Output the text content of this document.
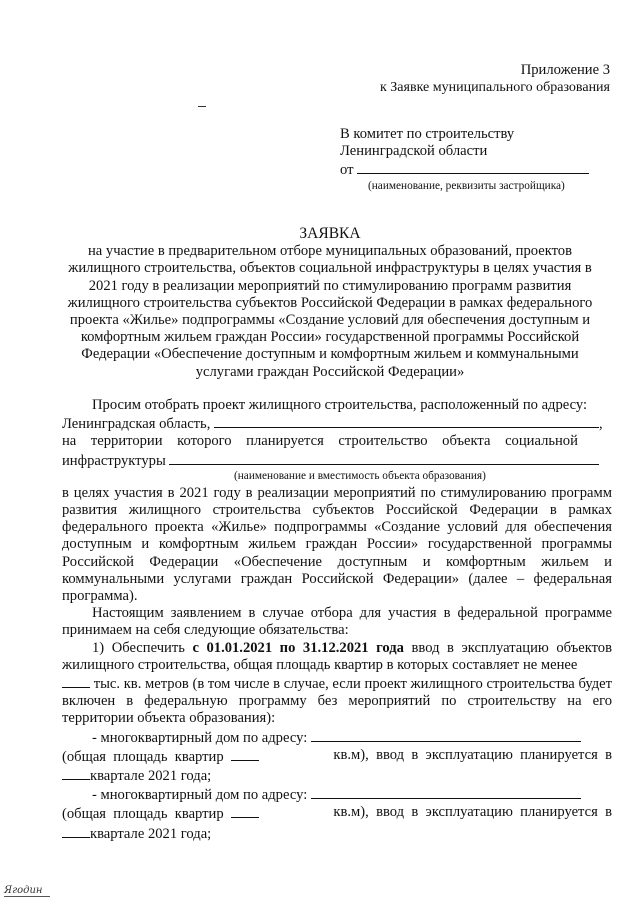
Приложение 3
к Заявке муниципального образования
В комитет по строительству
Ленинградской области
от
(наименование, реквизиты застройщика)
ЗАЯВКА
на участие в предварительном отборе муниципальных образований, проектов
жилищного строительства, объектов социальной инфраструктуры в целях участия в
2021 году в реализации мероприятий по стимулированию программ развития
жилищного строительства субъектов Российской Федерации в рамках федерального
проекта «Жилье» подпрограммы «Создание условий для обеспечения доступным и
комфортным жильем граждан России» государственной программы Российской
Федерации «Обеспечение доступным и комфортным жильем и коммунальными
услугами граждан Российской Федерации»
Просим отобрать проект жилищного строительства, расположенный по адресу:
Ленинградская область,	,
на    территории    которого    планируется    строительство    объекта    социальной
инфраструктуры
(наименование и вместимость объекта образования)

в целях участия в 2021 году в реализации мероприятий по стимулированию программ развития жилищного строительства субъектов Российской Федерации в рамках федерального проекта «Жилье» подпрограммы «Создание условий для обеспечения доступным и комфортным жильем граждан России» государственной программы Российской Федерации «Обеспечение доступным и комфортным жильем и коммунальными услугами граждан Российской Федерации» (далее – федеральная программа).

Настоящим заявлением в случае отбора для участия в федеральной программе принимаем на себя следующие обязательства:

1) Обеспечить с 01.01.2021 по 31.12.2021 года ввод в эксплуатацию объектов жилищного строительства, общая площадь квартир в которых составляет не менее

тыс. кв. метров (в том числе в случае, если проект жилищного строительства будет включен в федеральную программу без мероприятий по строительству на его территории объекта образования):

- многоквартирный дом по адресу:
(общая  площадь  квартир	кв.м),  ввод  в  эксплуатацию  планируется  в
квартале 2021 года;
- многоквартирный дом по адресу:
(общая  площадь  квартир	кв.м),  ввод  в  эксплуатацию  планируется  в
квартале 2021 года;
Ягодин
